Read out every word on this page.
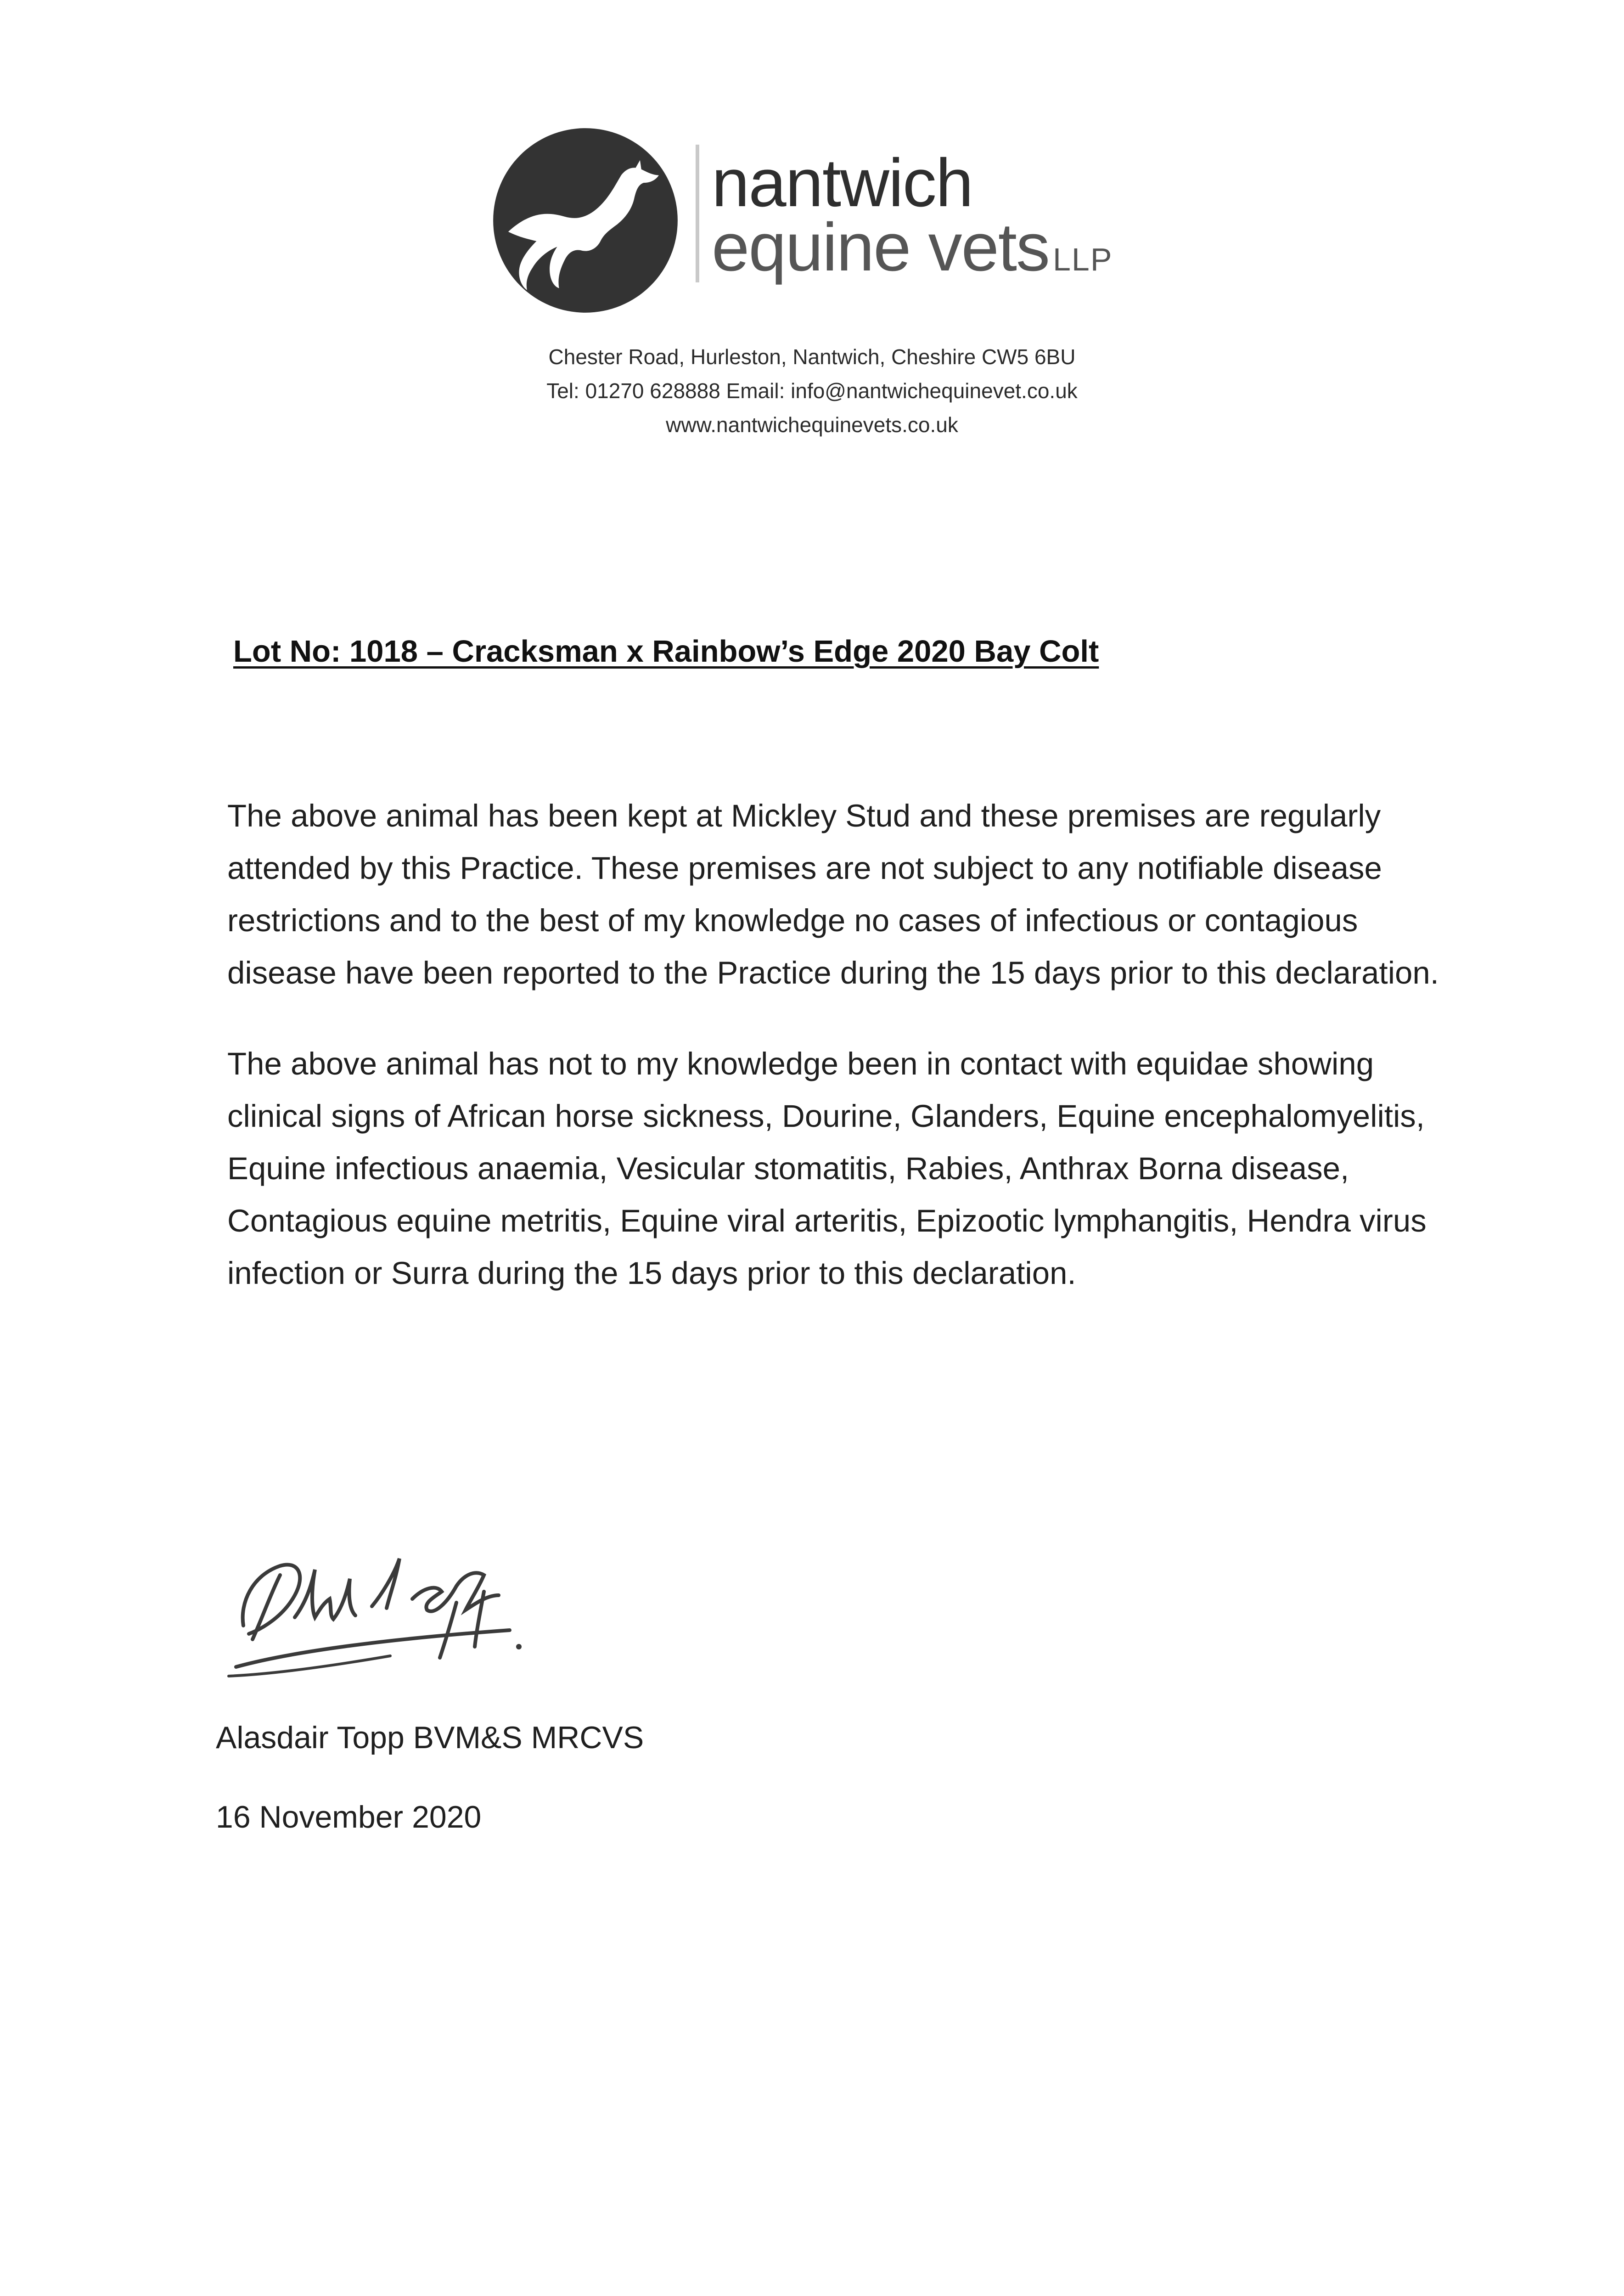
nantwich
equine vets LLP
Chester Road, Hurleston, Nantwich, Cheshire CW5 6BU
Tel: 01270 628888 Email: info@nantwichequinevet.co.uk
www.nantwichequinevets.co.uk
Lot No: 1018 – Cracksman x Rainbow’s Edge 2020 Bay Colt

The above animal has been kept at Mickley Stud and these premises are regularly attended by this Practice. These premises are not subject to any notifiable disease restrictions and to the best of my knowledge no cases of infectious or contagious disease have been reported to the Practice during the 15 days prior to this declaration.

The above animal has not to my knowledge been in contact with equidae showing clinical signs of African horse sickness, Dourine, Glanders, Equine encephalomyelitis, Equine infectious anaemia, Vesicular stomatitis, Rabies, Anthrax Borna disease, Contagious equine metritis, Equine viral arteritis, Epizootic lymphangitis, Hendra virus infection or Surra during the 15 days prior to this declaration.

Alasdair Topp BVM&S MRCVS
16 November 2020
